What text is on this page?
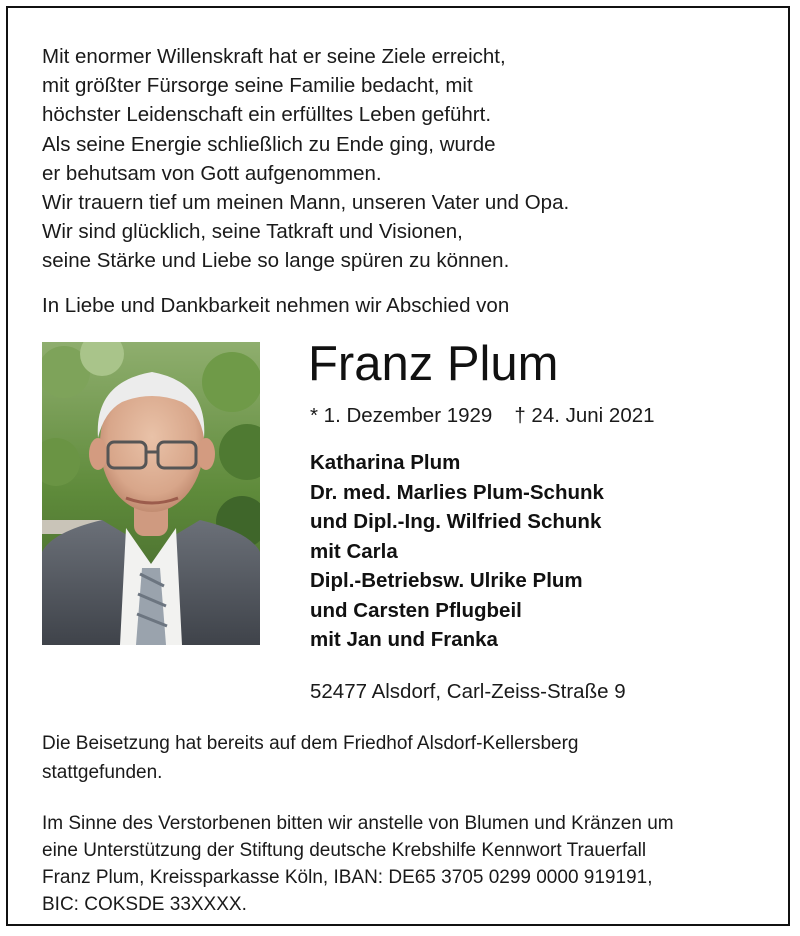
Mit enormer Willenskraft hat er seine Ziele erreicht,
mit größter Fürsorge seine Familie bedacht, mit
höchster Leidenschaft ein erfülltes Leben geführt.
Als seine Energie schließlich zu Ende ging, wurde
er behutsam von Gott aufgenommen.
Wir trauern tief um meinen Mann, unseren Vater und Opa.
Wir sind glücklich, seine Tatkraft und Visionen,
seine Stärke und Liebe so lange spüren zu können.
In Liebe und Dankbarkeit nehmen wir Abschied von
Franz Plum
* 1. Dezember 1929 † 24. Juni 2021
Katharina Plum
Dr. med. Marlies Plum-Schunk
und Dipl.-Ing. Wilfried Schunk
mit Carla
Dipl.-Betriebsw. Ulrike Plum
und Carsten Pflugbeil
mit Jan und Franka
52477 Alsdorf, Carl-Zeiss-Straße 9
Die Beisetzung hat bereits auf dem Friedhof Alsdorf-Kellersberg
stattgefunden.
Im Sinne des Verstorbenen bitten wir anstelle von Blumen und Kränzen um
eine Unterstützung der Stiftung deutsche Krebshilfe Kennwort Trauerfall
Franz Plum, Kreissparkasse Köln, IBAN: DE65 3705 0299 0000 919191,
BIC: COKSDE 33XXXX.
